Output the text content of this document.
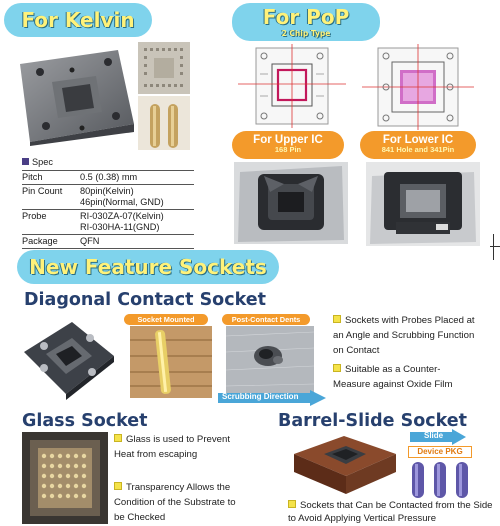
For Kelvin
Spec
Pitch	0.5 (0.38) mm
Pin Count	80pin(Kelvin)
46pin(Normal, GND)
Probe	RI-030ZA-07(Kelvin)
RI-030HA-11(GND)
Package	QFN
For PoP
2 Chip Type
For Upper IC
168 Pin
For Lower IC
841 Hole and 341Pin
New Feature Sockets
Diagonal Contact Socket
Socket Mounted	Post-Contact Dents
Scrubbing Direction
Sockets with Probes Placed at an Angle and Scrubbing Function on Contact
Suitable as a Counter-Measure against Oxide Film
Glass Socket
Glass is used to Prevent Heat from escaping
Transparency Allows the Condition of the Substrate to be Checked
Barrel-Slide Socket
Slide
Device PKG
Sockets that Can be Contacted from the Side to Avoid Applying Vertical Pressure
